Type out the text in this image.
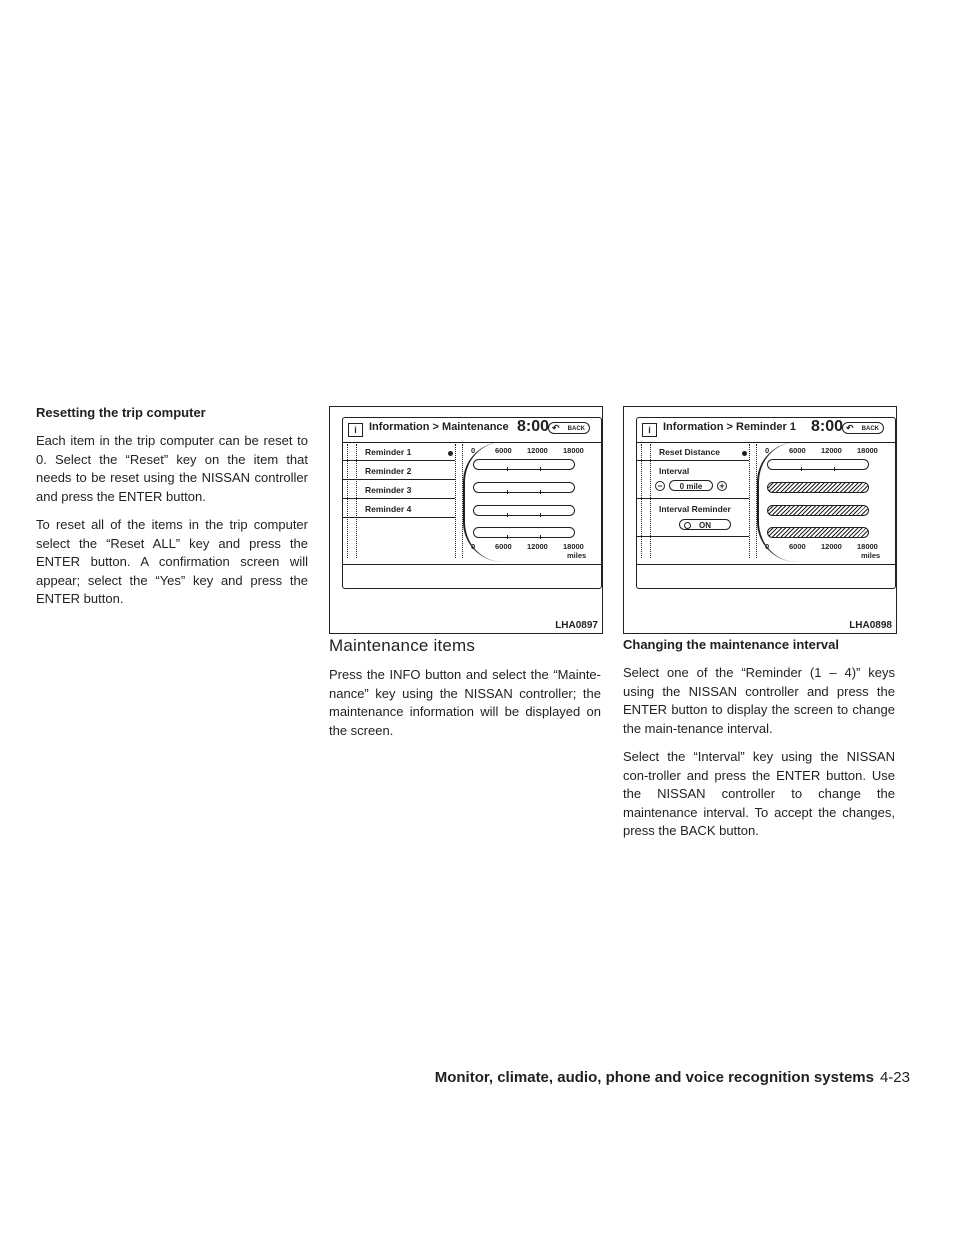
Resetting the trip computer

Each item in the trip computer can be reset to 0. Select the “Reset” key on the item that needs to be reset using the NISSAN controller and press the ENTER button.

To reset all of the items in the trip computer select the “Reset ALL” key and press the ENTER button. A confirmation screen will appear; select the “Yes” key and press the ENTER button.

i	Information > Maintenance 8:00 ↶ BACK
Reminder 1
Reminder 2
Reminder 3
Reminder 4
0	6000 12000 18000
0	6000 12000 18000
miles
LHA0897
i	Information > Reminder 1 8:00 ↶ BACK
Reset Distance
Interval
−	0 mile	+
Interval Reminder
ON
0	6000 12000 18000
0	6000 12000 18000
miles
LHA0898
Maintenance items

Press the INFO button and select the “Mainte-nance” key using the NISSAN controller; the maintenance information will be displayed on the screen.

Changing the maintenance interval

Select one of the “Reminder (1 – 4)” keys using the NISSAN controller and press the ENTER button to display the screen to change the main-tenance interval.

Select the “Interval” key using the NISSAN con-troller and press the ENTER button. Use the NISSAN controller to change the maintenance interval. To accept the changes, press the BACK button.

Monitor, climate, audio, phone and voice recognition systems 4-23
